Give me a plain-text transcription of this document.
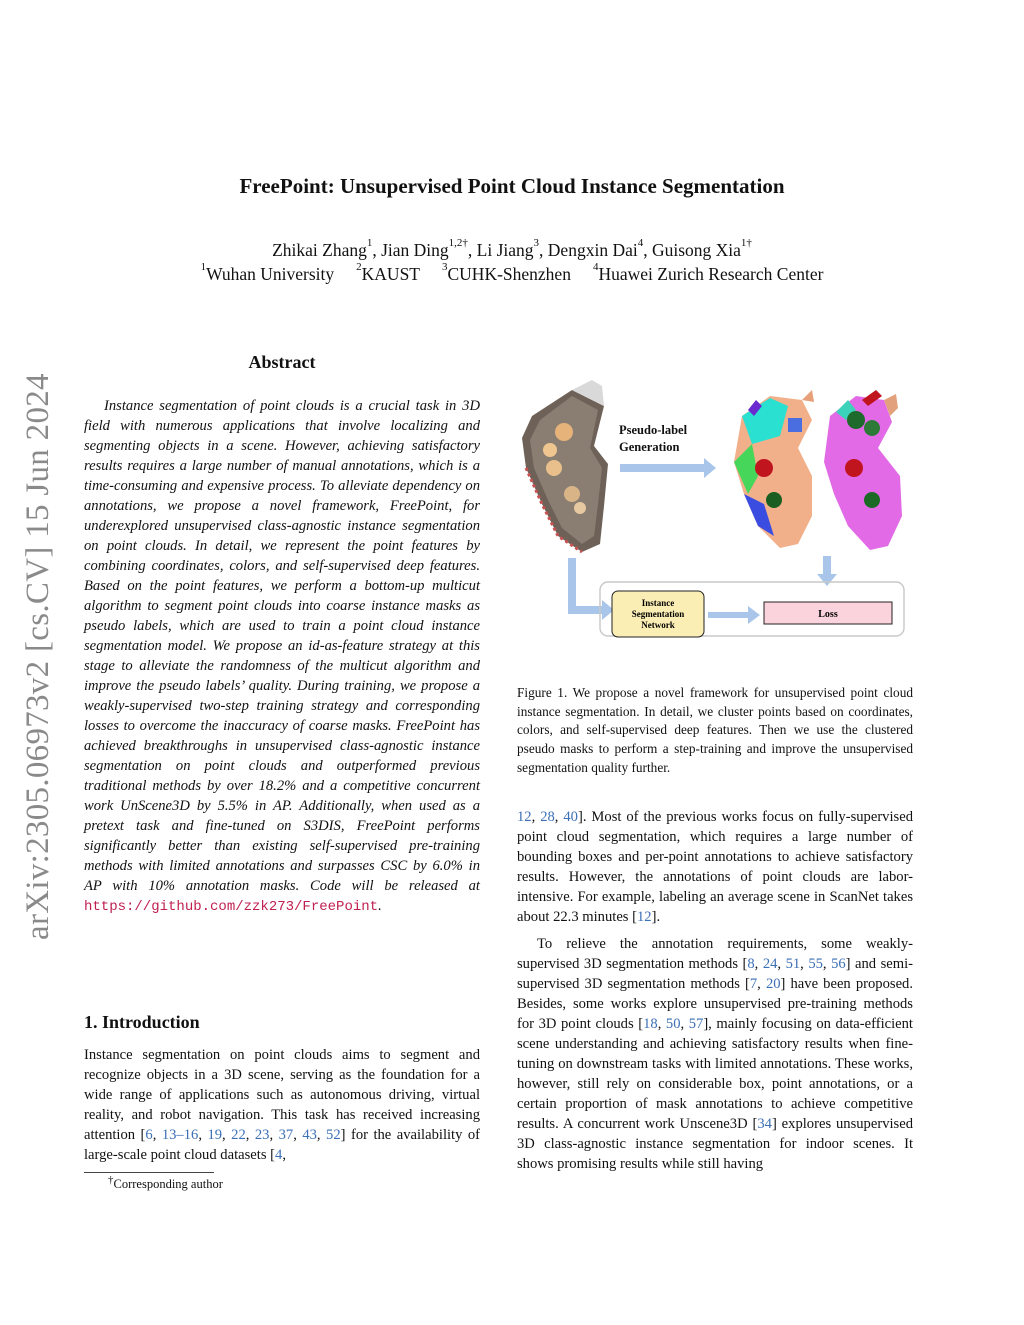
arXiv:2305.06973v2 [cs.CV] 15 Jun 2024
FreePoint: Unsupervised Point Cloud Instance Segmentation
Zhikai Zhang$^1$, Jian Ding$^{1,2\dagger}$, Li Jiang$^3$, Dengxin Dai$^4$, Guisong Xia$^{1\dagger}$
$^1$Wuhan University $^2$KAUST $^3$CUHK-Shenzhen $^4$Huawei Zurich Research Center
Abstract

Instance segmentation of point clouds is a crucial task in 3D field with numerous applications that involve localizing and segmenting objects in a scene. However, achieving satisfactory results requires a large number of manual annotations, which is a time-consuming and expensive process. To alleviate dependency on annotations, we propose a novel framework, FreePoint, for underexplored unsupervised class-agnostic instance segmentation on point clouds. In detail, we represent the point features by combining coordinates, colors, and self-supervised deep features. Based on the point features, we perform a bottom-up multicut algorithm to segment point clouds into coarse instance masks as pseudo labels, which are used to train a point cloud instance segmentation model. We propose an id-as-feature strategy at this stage to alleviate the randomness of the multicut algorithm and improve the pseudo labels’ quality. During training, we propose a weakly-supervised two-step training strategy and corresponding losses to overcome the inaccuracy of coarse masks. FreePoint has achieved breakthroughs in unsupervised class-agnostic instance segmentation on point clouds and outperformed previous traditional methods by over 18.2% and a competitive concurrent work UnScene3D by 5.5% in AP. Additionally, when used as a pretext task and fine-tuned on S3DIS, FreePoint performs significantly better than existing self-supervised pre-training methods with limited annotations and surpasses CSC by 6.0% in AP with 10% annotation masks. Code will be released at https://github.com/zzk273/FreePoint.

1. Introduction

Instance segmentation on point clouds aims to segment and recognize objects in a 3D scene, serving as the foundation for a wide range of applications such as autonomous driving, virtual reality, and robot navigation. This task has received increasing attention [6, 13–16, 19, 22, 23, 37, 43, 52] for the availability of large-scale point cloud datasets [4,

†Corresponding author
Pseudo-label
Generation
Instance
Segmentation
Network
Loss
Figure 1. We propose a novel framework for unsupervised point cloud instance segmentation. In detail, we cluster points based on coordinates, colors, and self-supervised deep features. Then we use the clustered pseudo masks to perform a step-training and improve the unsupervised segmentation quality further.

12, 28, 40]. Most of the previous works focus on fully-supervised point cloud segmentation, which requires a large number of bounding boxes and per-point annotations to achieve satisfactory results. However, the annotations of point clouds are labor-intensive. For example, labeling an average scene in ScanNet takes about 22.3 minutes [12].

To relieve the annotation requirements, some weakly-supervised 3D segmentation methods [8, 24, 51, 55, 56] and semi-supervised 3D segmentation methods [7, 20] have been proposed. Besides, some works explore unsupervised pre-training methods for 3D point clouds [18, 50, 57], mainly focusing on data-efficient scene understanding and achieving satisfactory results when fine-tuning on downstream tasks with limited annotations. These works, however, still rely on considerable box, point annotations, or a certain proportion of mask annotations to achieve competitive results. A concurrent work Unscene3D [34] explores unsupervised 3D class-agnostic instance segmentation for indoor scenes. It shows promising results while still having
